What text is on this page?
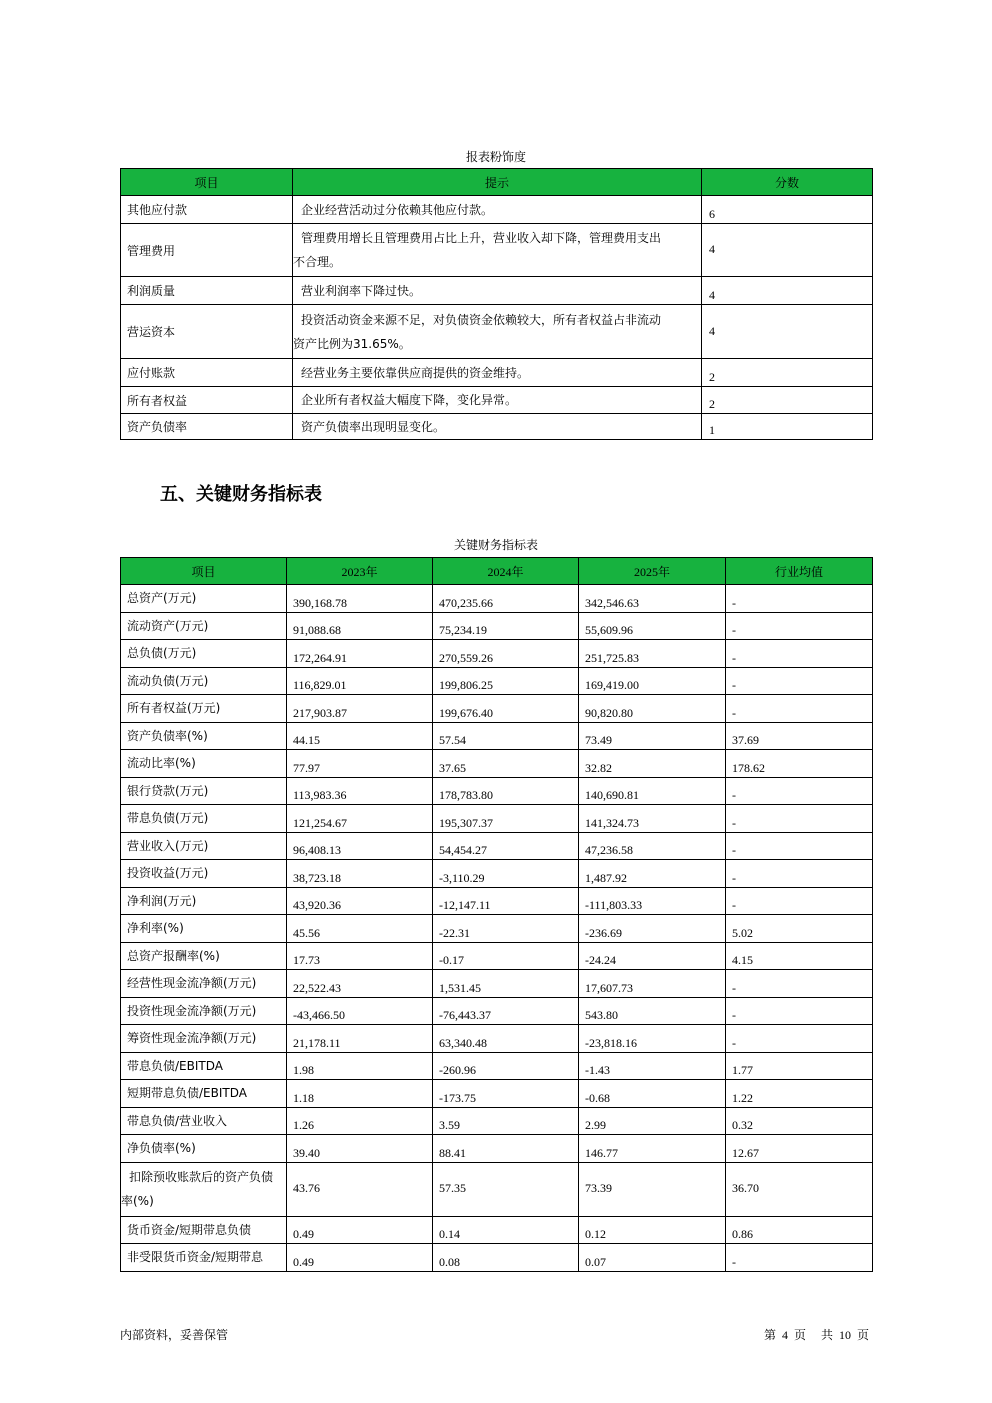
报表粉饰度
项目	提示	分数
其他应付款	企业经营活动过分依赖其他应付款。	6
管理费用	管理费用增长且管理费用占比上升，营业收入却下降，管理费用支出
不合理。	4
利润质量	营业利润率下降过快。	4
营运资本	投资活动资金来源不足，对负债资金依赖较大，所有者权益占非流动
资产比例为31.65%。	4
应付账款	经营业务主要依靠供应商提供的资金维持。	2
所有者权益	企业所有者权益大幅度下降，变化异常。	2
资产负债率	资产负债率出现明显变化。	1
五、关键财务指标表
关键财务指标表
项目	2023年	2024年	2025年	行业均值
总资产(万元)	390,168.78	470,235.66	342,546.63	-
流动资产(万元)	91,088.68	75,234.19	55,609.96	-
总负债(万元)	172,264.91	270,559.26	251,725.83	-
流动负债(万元)	116,829.01	199,806.25	169,419.00	-
所有者权益(万元)	217,903.87	199,676.40	90,820.80	-
资产负债率(%)	44.15	57.54	73.49	37.69
流动比率(%)	77.97	37.65	32.82	178.62
银行贷款(万元)	113,983.36	178,783.80	140,690.81	-
带息负债(万元)	121,254.67	195,307.37	141,324.73	-
营业收入(万元)	96,408.13	54,454.27	47,236.58	-
投资收益(万元)	38,723.18	-3,110.29	1,487.92	-
净利润(万元)	43,920.36	-12,147.11	-111,803.33	-
净利率(%)	45.56	-22.31	-236.69	5.02
总资产报酬率(%)	17.73	-0.17	-24.24	4.15
经营性现金流净额(万元)	22,522.43	1,531.45	17,607.73	-
投资性现金流净额(万元)	-43,466.50	-76,443.37	543.80	-
筹资性现金流净额(万元)	21,178.11	63,340.48	-23,818.16	-
带息负债/EBITDA	1.98	-260.96	-1.43	1.77
短期带息负债/EBITDA	1.18	-173.75	-0.68	1.22
带息负债/营业收入	1.26	3.59	2.99	0.32
净负债率(%)	39.40	88.41	146.77	12.67

扣除预收账款后的资产负债
率(%)	43.76	57.35	73.39	36.70
货币资金/短期带息负债	0.49	0.14	0.12	0.86
非受限货币资金/短期带息	0.49	0.08	0.07	-
内部资料，妥善保管	第 4 页 共 10 页
